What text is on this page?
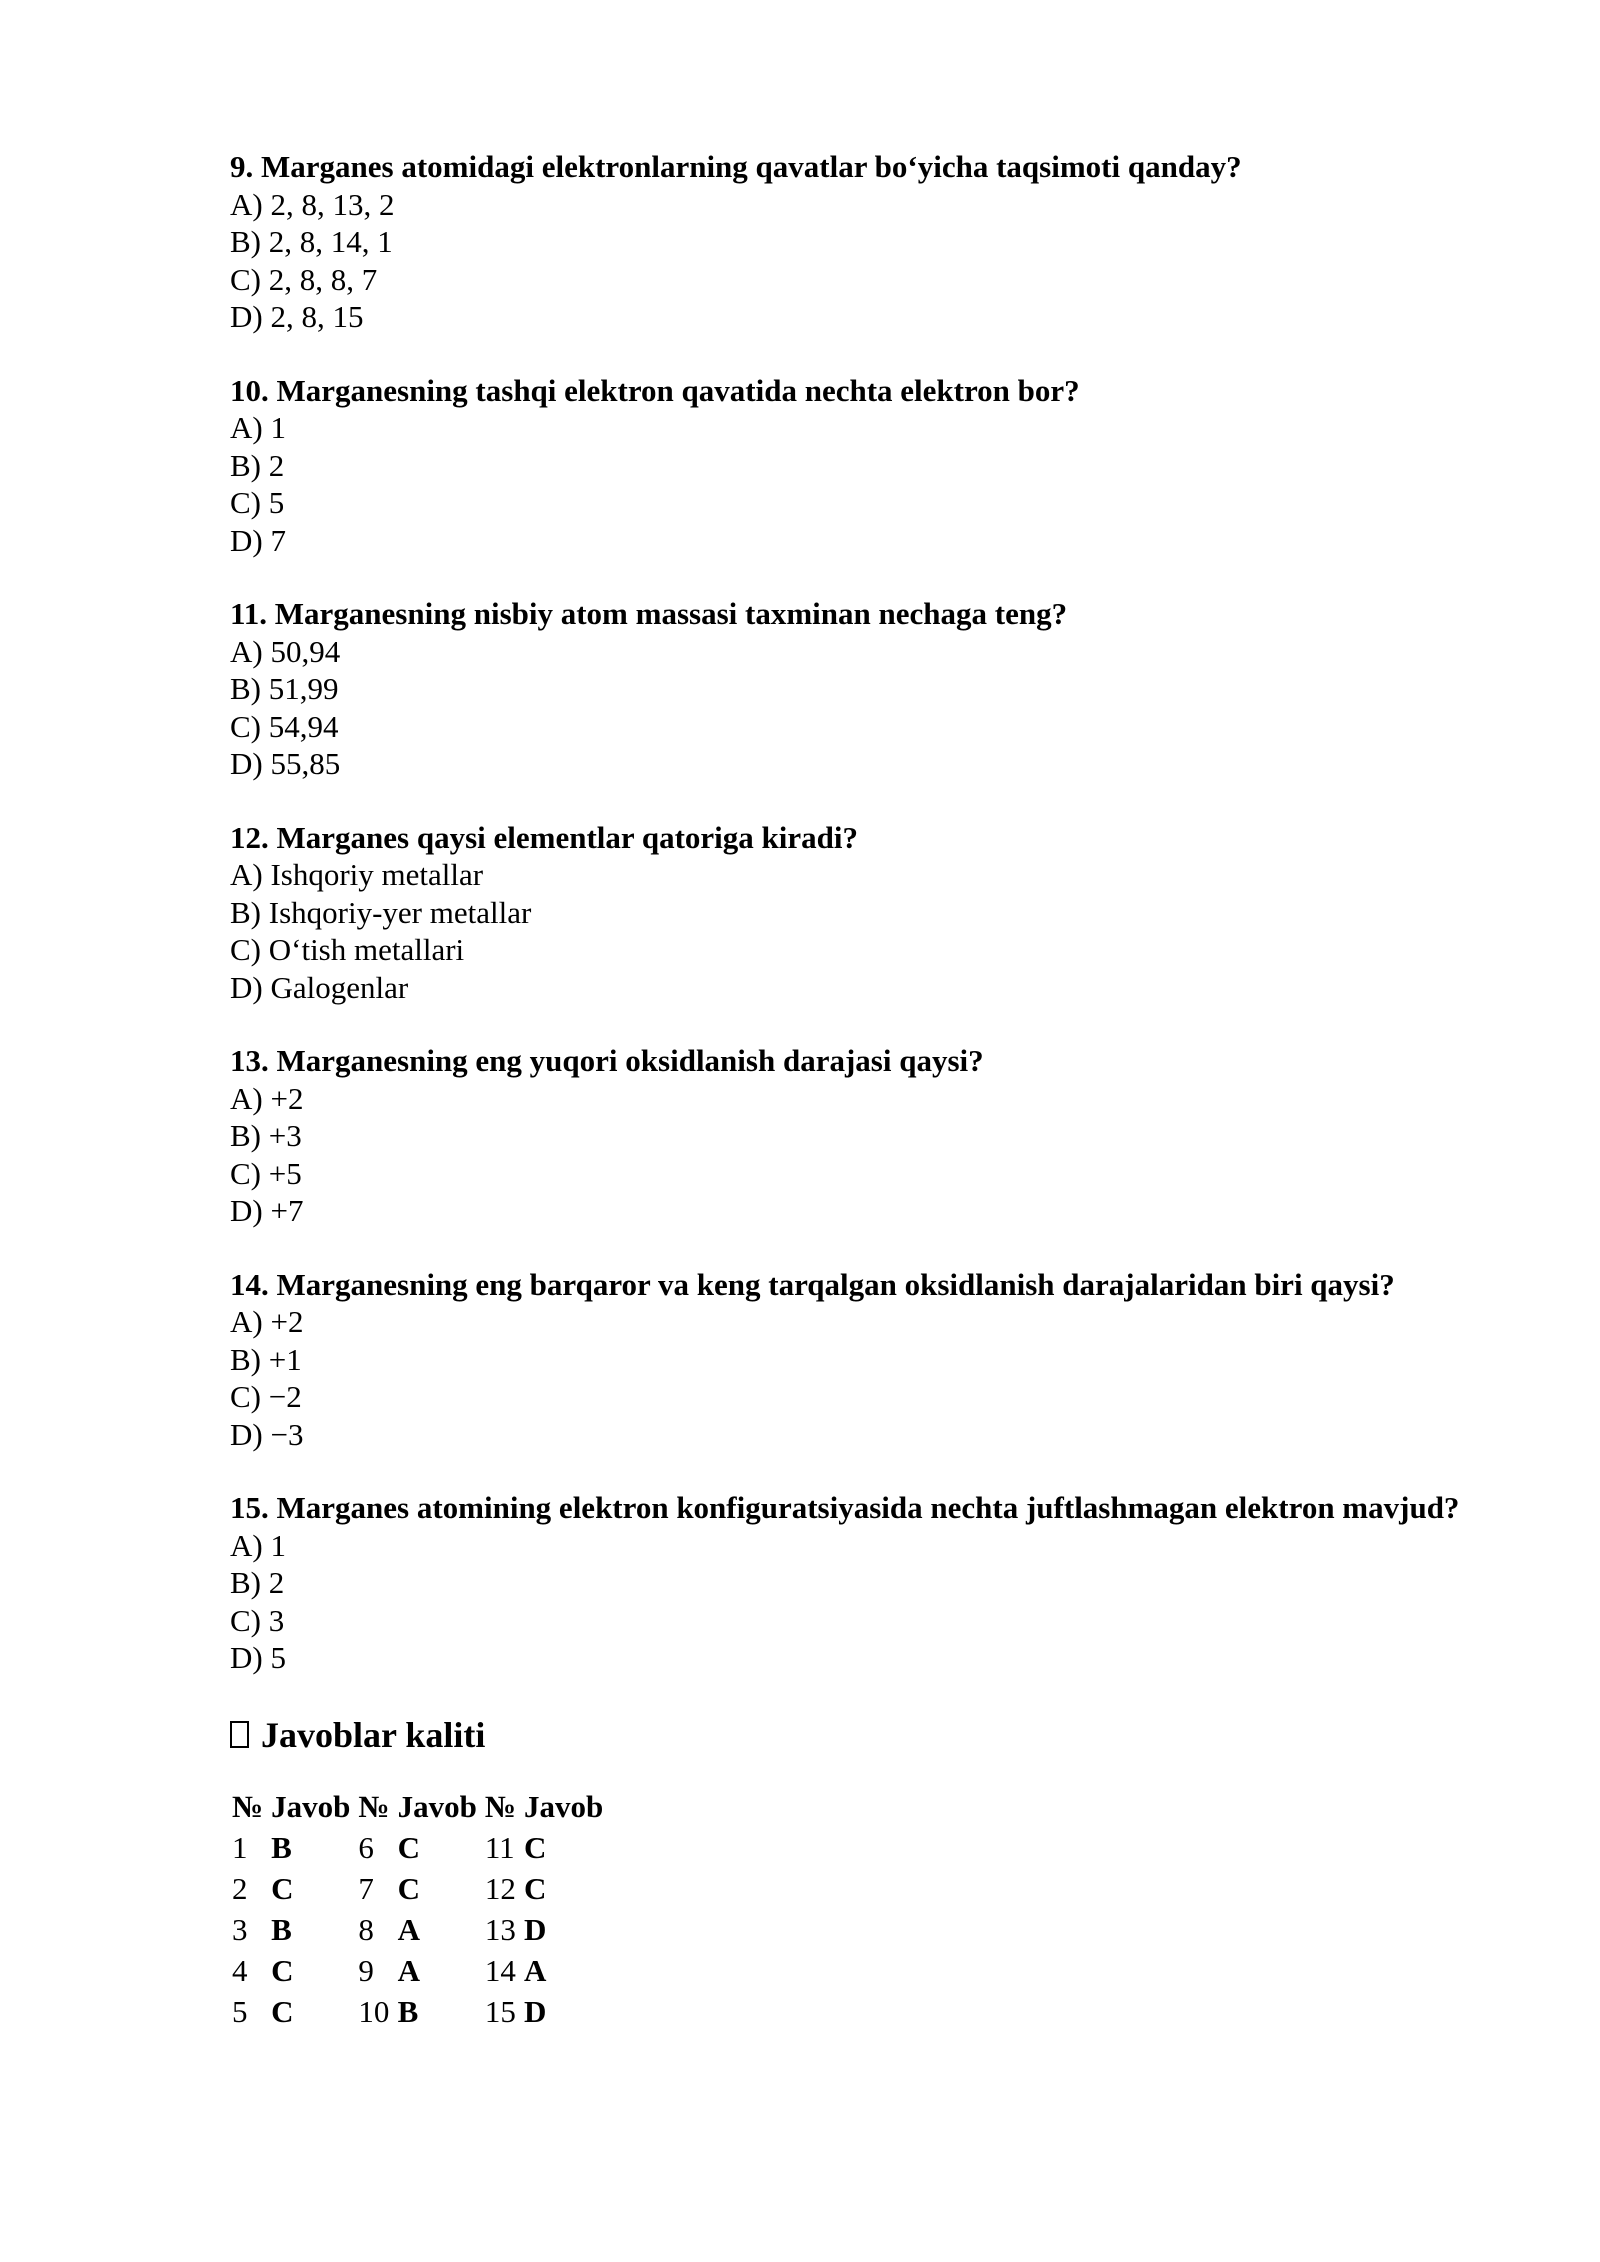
9. Marganes atomidagi elektronlarning qavatlar bo‘yicha taqsimoti qanday?
A) 2, 8, 13, 2
B) 2, 8, 14, 1
C) 2, 8, 8, 7
D) 2, 8, 15
10. Marganesning tashqi elektron qavatida nechta elektron bor?
A) 1
B) 2
C) 5
D) 7
11. Marganesning nisbiy atom massasi taxminan nechaga teng?
A) 50,94
B) 51,99
C) 54,94
D) 55,85
12. Marganes qaysi elementlar qatoriga kiradi?
A) Ishqoriy metallar
B) Ishqoriy-yer metallar
C) O‘tish metallari
D) Galogenlar
13. Marganesning eng yuqori oksidlanish darajasi qaysi?
A) +2
B) +3
C) +5
D) +7
14. Marganesning eng barqaror va keng tarqalgan oksidlanish darajalaridan biri qaysi?
A) +2
B) +1
C) −2
D) −3
15. Marganes atomining elektron konfiguratsiyasida nechta juftlashmagan elektron mavjud?
A) 1
B) 2
C) 3
D) 5
Javoblar kaliti
№	Javob	№	Javob	№	Javob
1	B	6	C	11	C
2	C	7	C	12	C
3	B	8	A	13	D
4	C	9	A	14	A
5	C	10	B	15	D
